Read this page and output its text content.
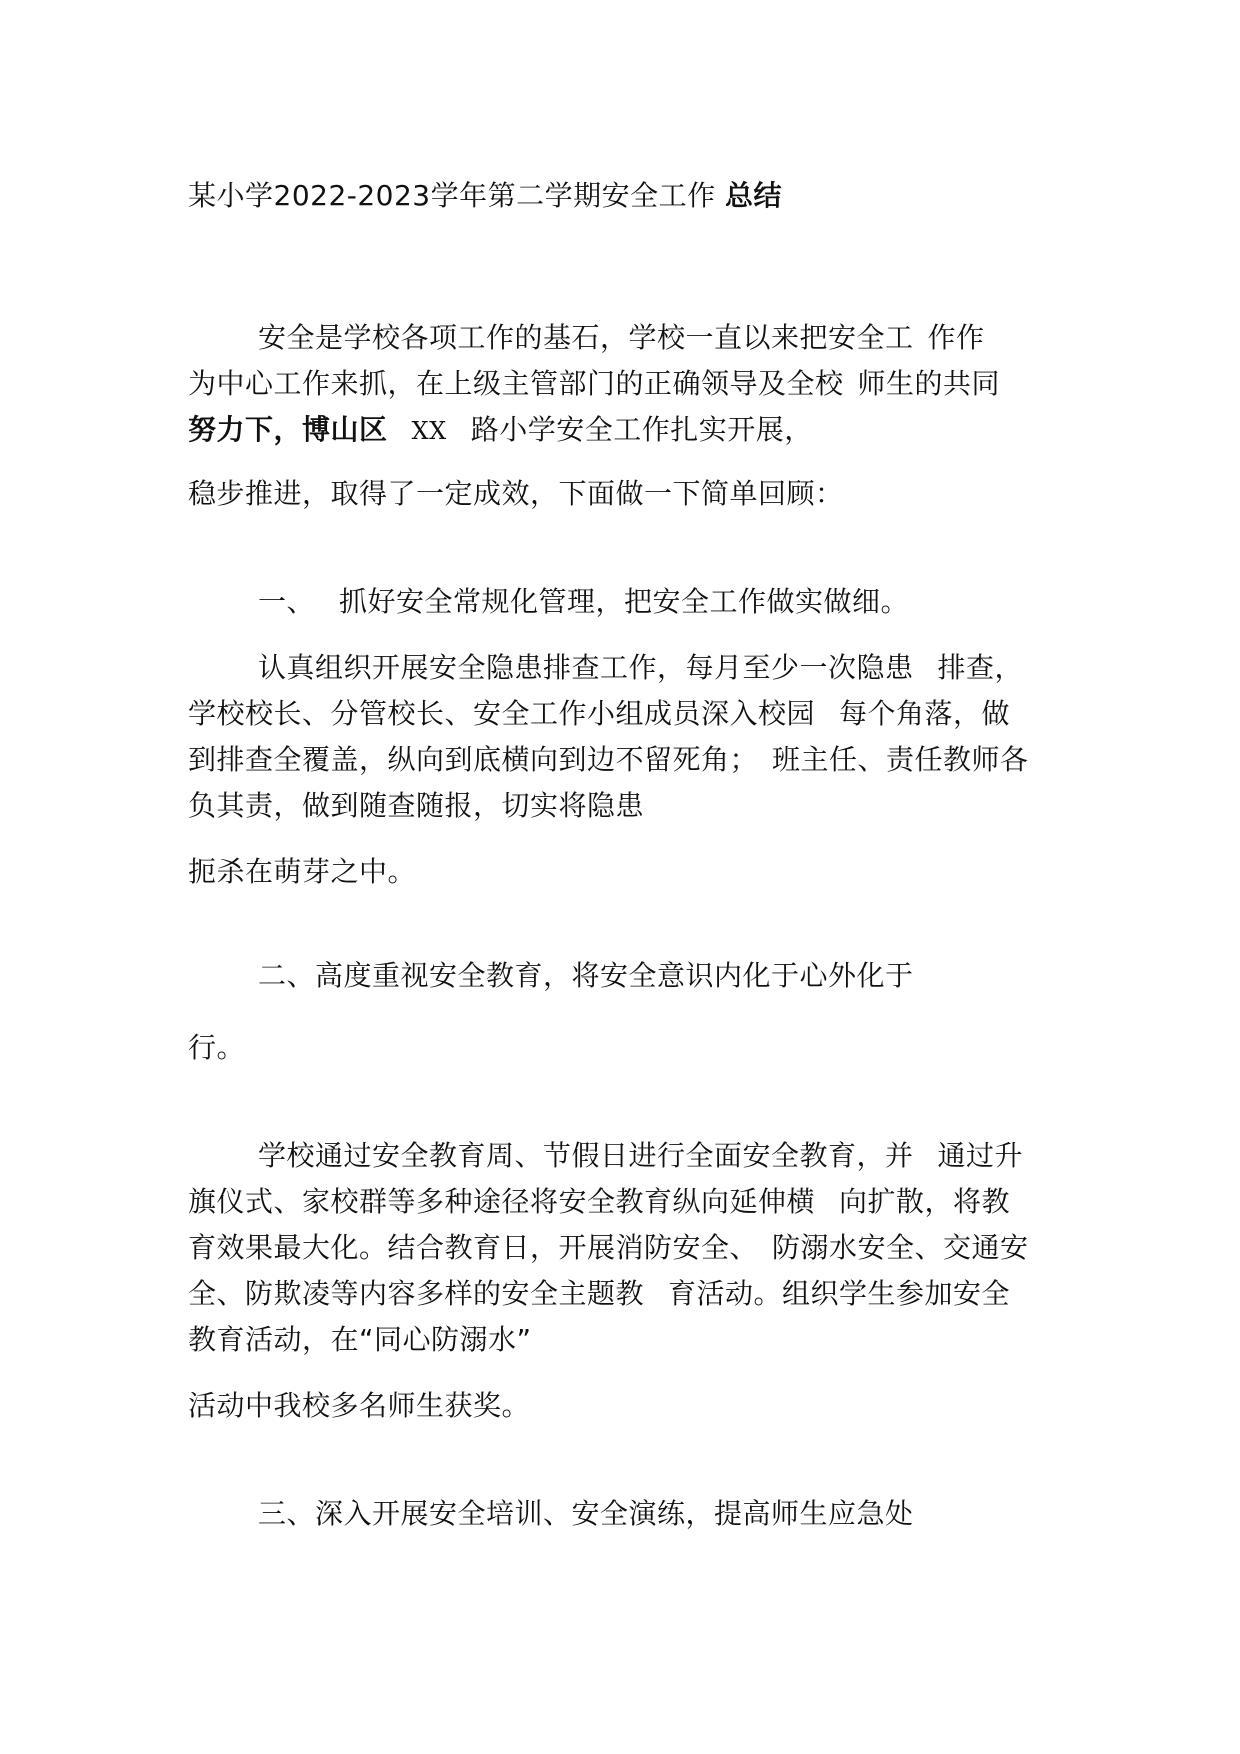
某小学2022-2023学年第二学期安全工作 总结
安全是学校各项工作的基石，学校一直以来把安全工 作作
为中心工作来抓，在上级主管部门的正确领导及全校 师生的共同
努力下，博山区 XX 路小学安全工作扎实开展，
稳步推进，取得了一定成效，下面做一下简单回顾：
一、 抓好安全常规化管理，把安全工作做实做细。
认真组织开展安全隐患排查工作，每月至少一次隐患 排查，
学校校长、分管校长、安全工作小组成员深入校园 每个角落，做
到排查全覆盖，纵向到底横向到边不留死角； 班主任、责任教师各
负其责，做到随查随报，切实将隐患
扼杀在萌芽之中。
二、高度重视安全教育，将安全意识内化于心外化于
行。
学校通过安全教育周、节假日进行全面安全教育，并 通过升
旗仪式、家校群等多种途径将安全教育纵向延伸横 向扩散，将教
育效果最大化。结合教育日，开展消防安全、 防溺水安全、交通安
全、防欺凌等内容多样的安全主题教 育活动。组织学生参加安全
教育活动，在“同心防溺水”
活动中我校多名师生获奖。
三、深入开展安全培训、安全演练，提高师生应急处
